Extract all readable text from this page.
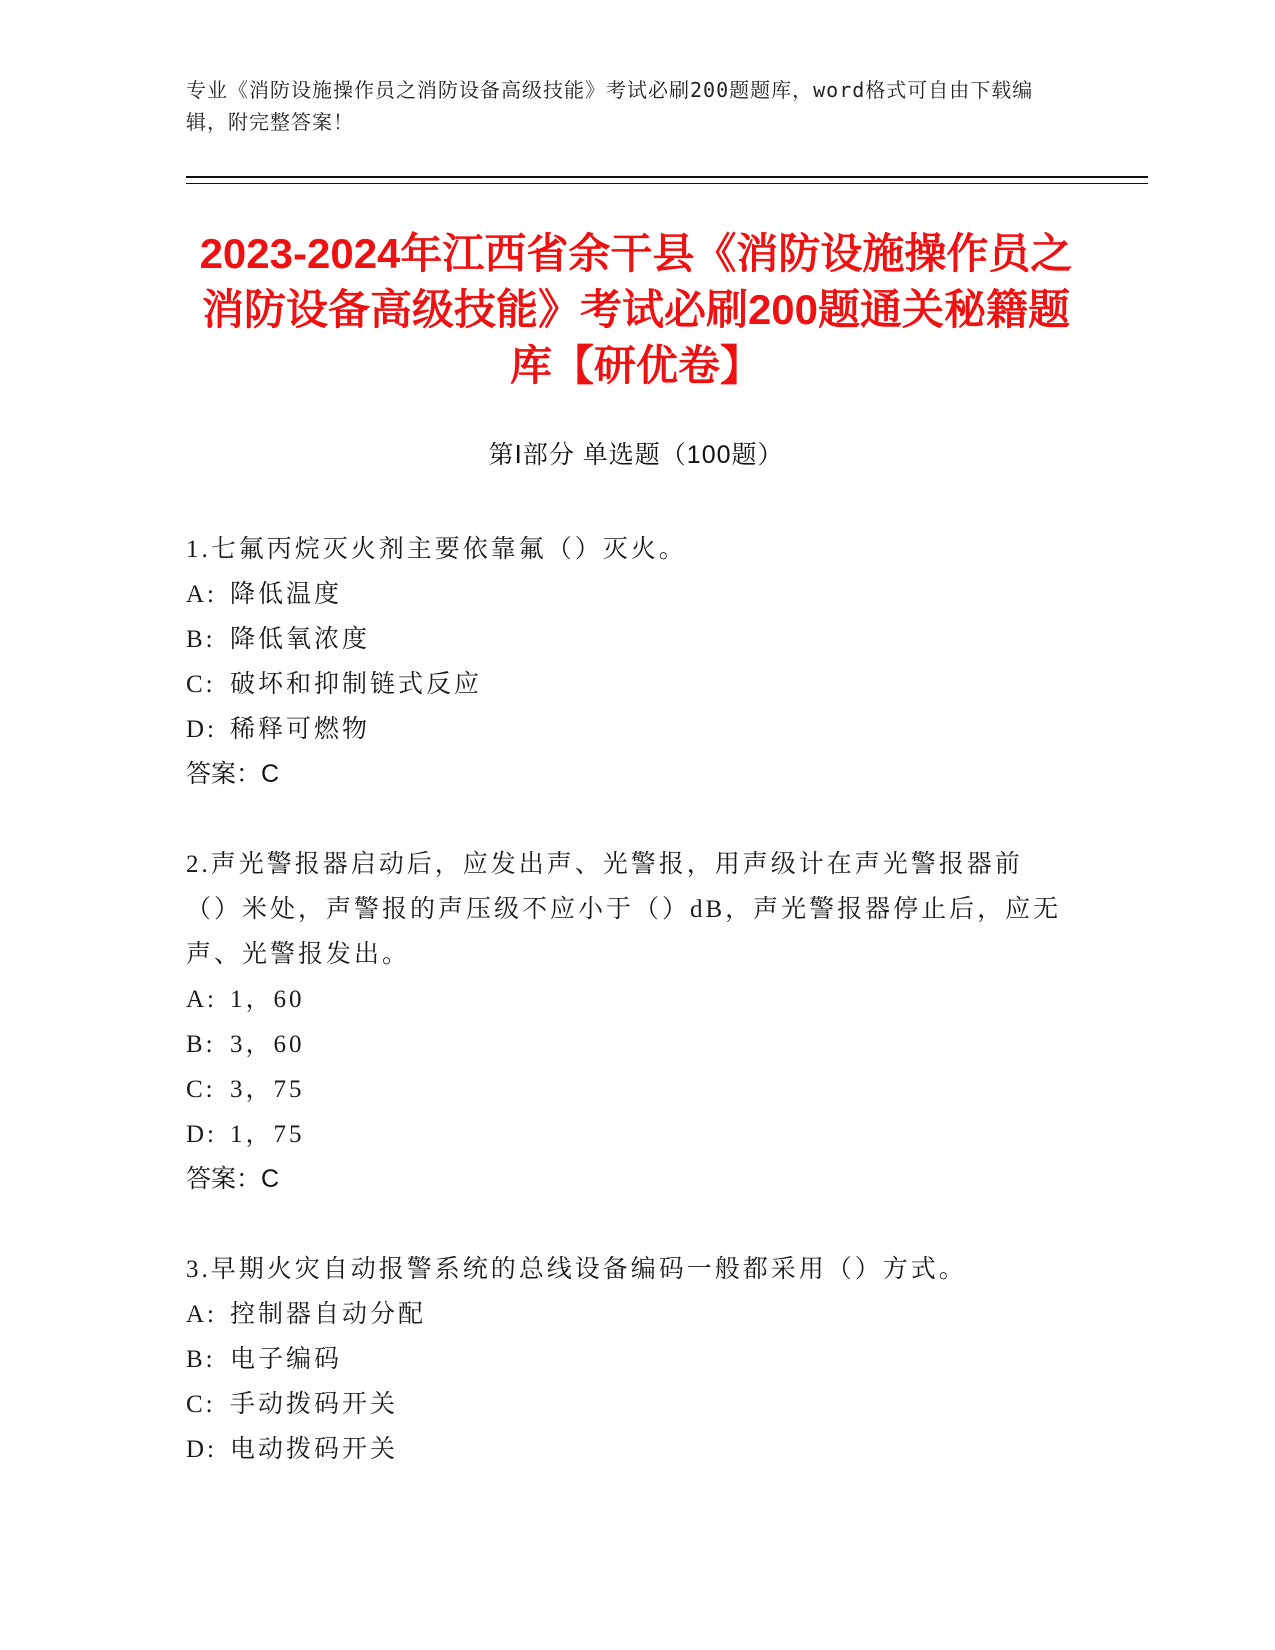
专业《消防设施操作员之消防设备高级技能》考试必刷200题题库，word格式可自由下载编辑，附完整答案！
2023-2024年江西省余干县《消防设施操作员之消防设备高级技能》考试必刷200题通关秘籍题库【研优卷】
第Ⅰ部分 单选题（100题）
1.七氟丙烷灭火剂主要依靠氟（）灭火。
A: 降低温度
B: 降低氧浓度
C: 破坏和抑制链式反应
D: 稀释可燃物
答案：C
2.声光警报器启动后，应发出声、光警报，用声级计在声光警报器前（）米处，声警报的声压级不应小于（）dB，声光警报器停止后，应无声、光警报发出。
A: 1，60
B: 3，60
C: 3，75
D: 1，75
答案：C
3.早期火灾自动报警系统的总线设备编码一般都采用（）方式。
A: 控制器自动分配
B: 电子编码
C: 手动拨码开关
D: 电动拨码开关
